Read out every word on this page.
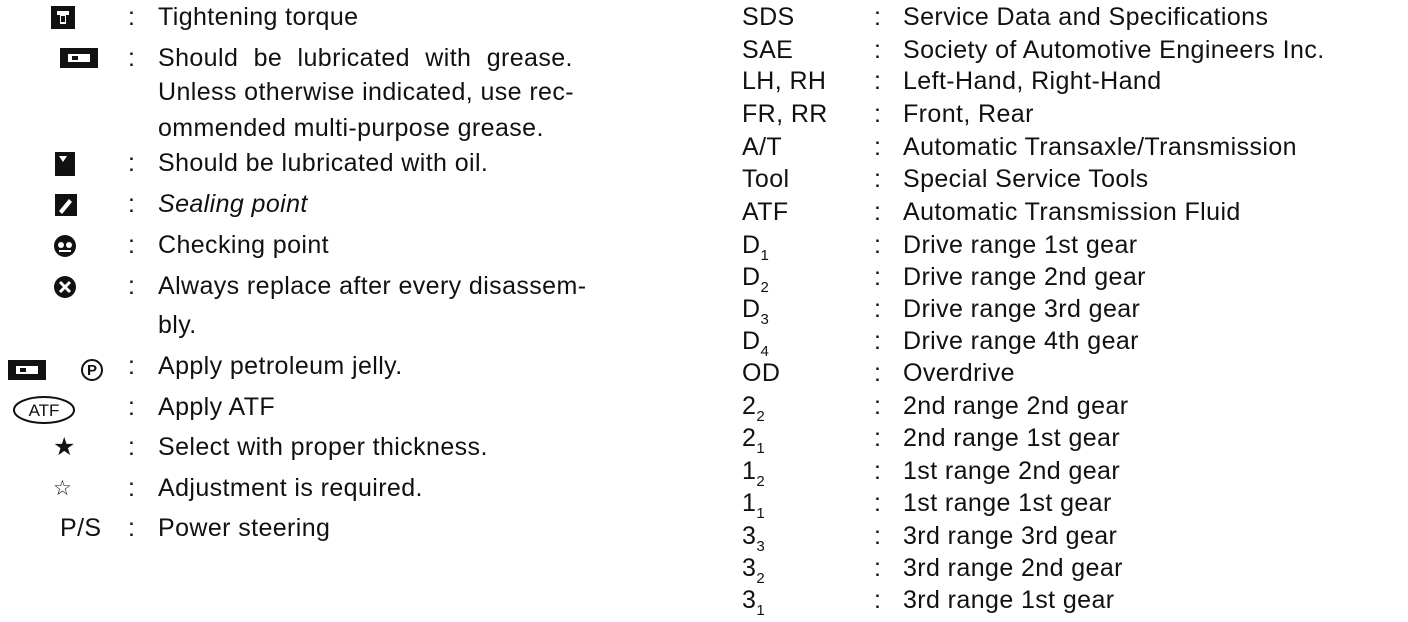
: Tightening torque
: Should be lubricated with grease.
Unless otherwise indicated, use rec-
ommended multi-purpose grease.
: Should be lubricated with oil.
: Sealing point
: Checking point
: Always replace after every disassem-
bly.
P : Apply petroleum jelly.
ATF	: Apply ATF
★ : Select with proper thickness.
☆ : Adjustment is required.
P/S : Power steering
SDS	: Service Data and Specifications
SAE	: Society of Automotive Engineers Inc.
LH, RH : Left-Hand, Right-Hand
FR, RR : Front, Rear
A/T	: Automatic Transaxle/Transmission
Tool	: Special Service Tools
ATF	: Automatic Transmission Fluid
$D_1$	: Drive range 1st gear
$D_2$	: Drive range 2nd gear
$D_3$	: Drive range 3rd gear
$D_4$	: Drive range 4th gear
OD	: Overdrive
$2_2$	: 2nd range 2nd gear
$2_1$	: 2nd range 1st gear
$1_2$	: 1st range 2nd gear
$1_1$	: 1st range 1st gear
$3_3$	: 3rd range 3rd gear
$3_2$	: 3rd range 2nd gear
$3_1$	: 3rd range 1st gear
